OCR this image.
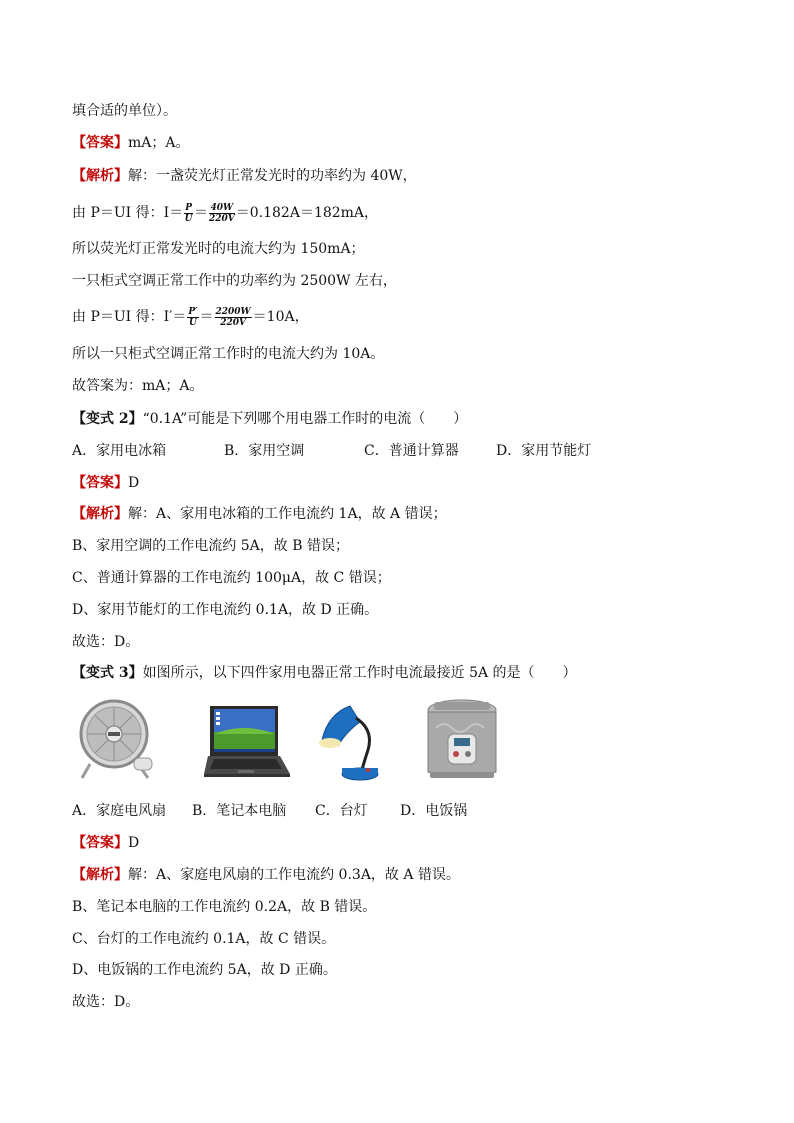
填合适的单位）。
【答案】mA；A。
【解析】解：一盏荧光灯正常发光时的功率约为 40W，
由 P＝UI 得：$I= \frac{P}{U} = \frac{40W}{220V} =0.182A=182mA$，
所以荧光灯正常发光时的电流大约为 150mA；
一只柜式空调正常工作中的功率约为 2500W 左右，
由 P＝UI 得：$I'= \frac{P'}{U} = \frac{2200W}{220V} =10A$，
所以一只柜式空调正常工作时的电流大约为 10A。
故答案为：mA；A。
【变式 2】“0.1A”可能是下列哪个用电器工作时的电流（　　）
A．家用电冰箱	B．家用空调	C．普通计算器	D．家用节能灯
【答案】D
【解析】解：A、家用电冰箱的工作电流约 1A，故 A 错误；
B、家用空调的工作电流约 5A，故 B 错误；
C、普通计算器的工作电流约 100μA，故 C 错误；
D、家用节能灯的工作电流约 0.1A，故 D 正确。
故选：D。
【变式 3】如图所示，以下四件家用电器正常工作时电流最接近 5A 的是（　　）
A．家庭电风扇 B．笔记本电脑 C．台灯 D．电饭锅
【答案】D
【解析】解：A、家庭电风扇的工作电流约 0.3A，故 A 错误。
B、笔记本电脑的工作电流约 0.2A，故 B 错误。
C、台灯的工作电流约 0.1A，故 C 错误。
D、电饭锅的工作电流约 5A，故 D 正确。
故选：D。
